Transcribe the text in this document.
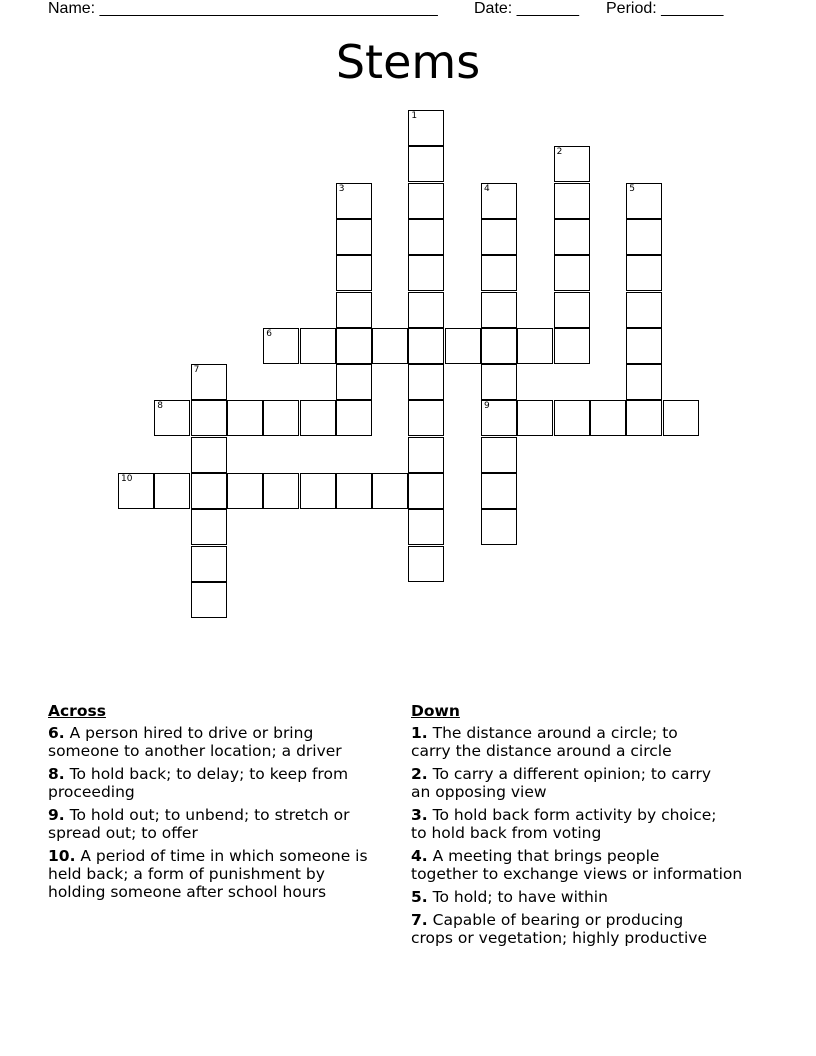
Name: ______________________________________ Date: _______ Period: _______
Stems
1
2
3	4
9
5
6
7
8
10
Across
6. A person hired to drive or bring
someone to another location; a driver
8. To hold back; to delay; to keep from
proceeding
9. To hold out; to unbend; to stretch or
spread out; to offer
10. A period of time in which someone is
held back; a form of punishment by
holding someone after school hours
Down
1. The distance around a circle; to
carry the distance around a circle
2. To carry a different opinion; to carry
an opposing view
3. To hold back form activity by choice;
to hold back from voting
4. A meeting that brings people
together to exchange views or information
5. To hold; to have within
7. Capable of bearing or producing
crops or vegetation; highly productive
